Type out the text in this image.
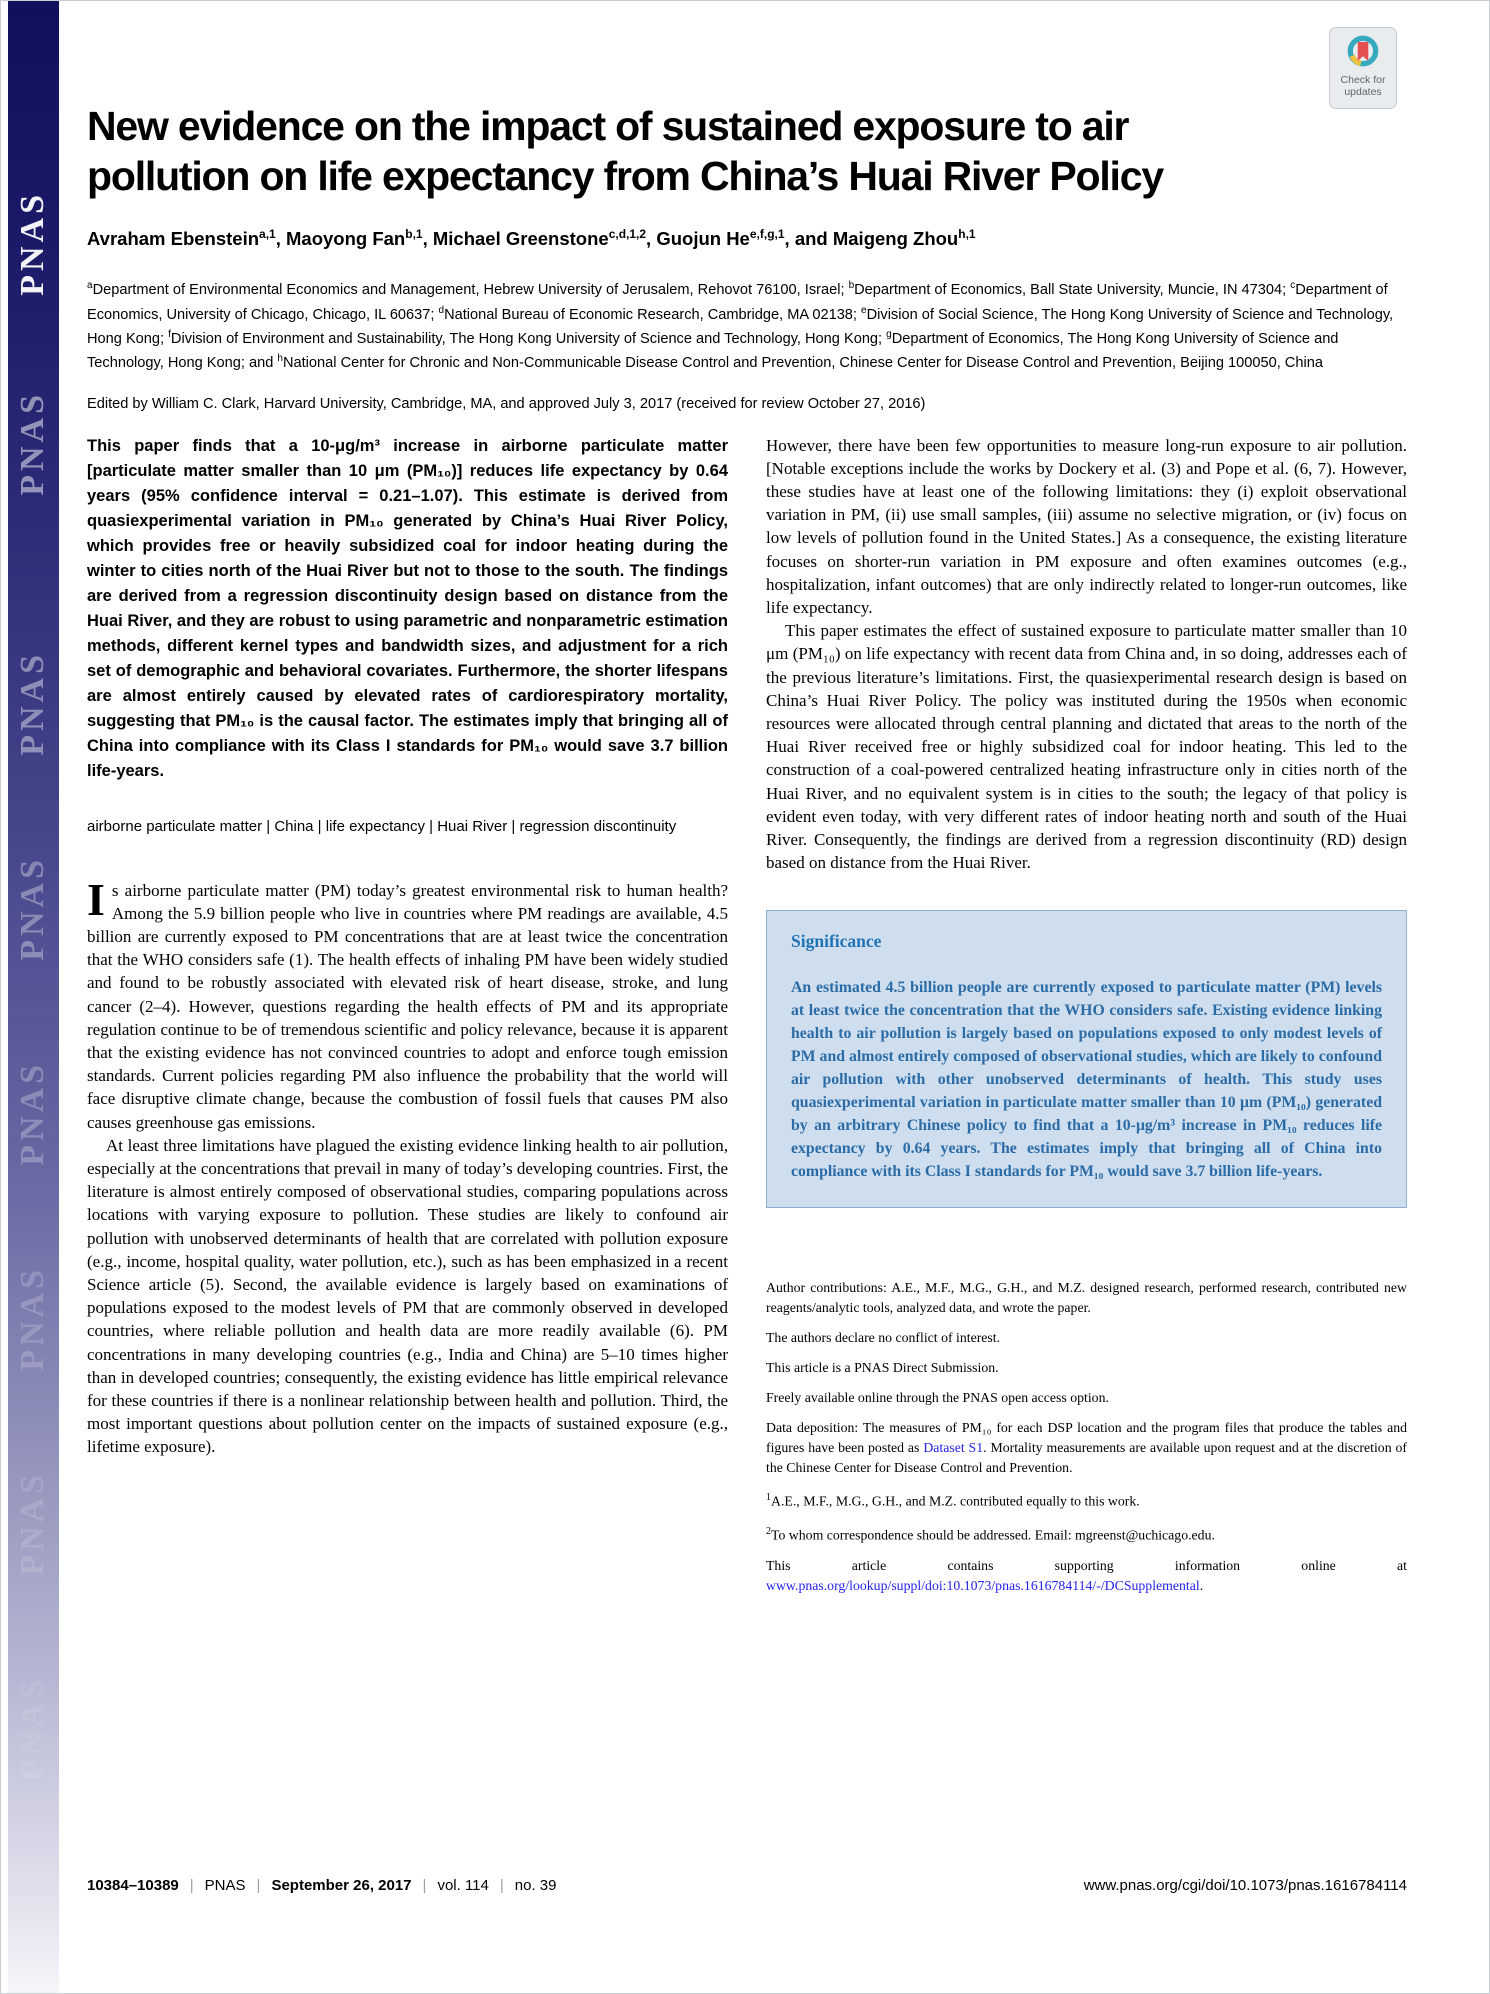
PNAS
PNAS
PNAS
PNAS
PNAS
PNAS
PNAS
PNAS
Check for
updates
New evidence on the impact of sustained exposure to air pollution on life expectancy from China’s Huai River Policy
Avraham Ebenstein$^{a,1}$, Maoyong Fan$^{b,1}$, Michael Greenstone$^{c,d,1,2}$, Guojun He$^{e,f,g,1}$, and Maigeng Zhou$^{h,1}$
$^a$Department of Environmental Economics and Management, Hebrew University of Jerusalem, Rehovot 76100, Israel; $^b$Department of Economics, Ball State University, Muncie, IN 47304; $^c$Department of Economics, University of Chicago, Chicago, IL 60637; $^d$National Bureau of Economic Research, Cambridge, MA 02138; $^e$Division of Social Science, The Hong Kong University of Science and Technology, Hong Kong; $^f$Division of Environment and Sustainability, The Hong Kong University of Science and Technology, Hong Kong; $^g$Department of Economics, The Hong Kong University of Science and Technology, Hong Kong; and $^h$National Center for Chronic and Non-Communicable Disease Control and Prevention, Chinese Center for Disease Control and Prevention, Beijing 100050, China
Edited by William C. Clark, Harvard University, Cambridge, MA, and approved July 3, 2017 (received for review October 27, 2016)
This paper finds that a 10-μg/m³ increase in airborne particulate matter [particulate matter smaller than 10 μm (PM₁₀)] reduces life expectancy by 0.64 years (95% confidence interval = 0.21–1.07). This estimate is derived from quasiexperimental variation in PM₁₀ generated by China’s Huai River Policy, which provides free or heavily subsidized coal for indoor heating during the winter to cities north of the Huai River but not to those to the south. The findings are derived from a regression discontinuity design based on distance from the Huai River, and they are robust to using parametric and nonparametric estimation methods, different kernel types and bandwidth sizes, and adjustment for a rich set of demographic and behavioral covariates. Furthermore, the shorter lifespans are almost entirely caused by elevated rates of cardiorespiratory mortality, suggesting that PM₁₀ is the causal factor. The estimates imply that bringing all of China into compliance with its Class I standards for PM₁₀ would save 3.7 billion life-years.
airborne particulate matter | China | life expectancy | Huai River | regression discontinuity

Is airborne particulate matter (PM) today’s greatest environmental risk to human health? Among the 5.9 billion people who live in countries where PM readings are available, 4.5 billion are currently exposed to PM concentrations that are at least twice the concentration that the WHO considers safe (1). The health effects of inhaling PM have been widely studied and found to be robustly associated with elevated risk of heart disease, stroke, and lung cancer (2–4). However, questions regarding the health effects of PM and its appropriate regulation continue to be of tremendous scientific and policy relevance, because it is apparent that the existing evidence has not convinced countries to adopt and enforce tough emission standards. Current policies regarding PM also influence the probability that the world will face disruptive climate change, because the combustion of fossil fuels that causes PM also causes greenhouse gas emissions.

At least three limitations have plagued the existing evidence linking health to air pollution, especially at the concentrations that prevail in many of today’s developing countries. First, the literature is almost entirely composed of observational studies, comparing populations across locations with varying exposure to pollution. These studies are likely to confound air pollution with unobserved determinants of health that are correlated with pollution exposure (e.g., income, hospital quality, water pollution, etc.), such as has been emphasized in a recent Science article (5). Second, the available evidence is largely based on examinations of populations exposed to the modest levels of PM that are commonly observed in developed countries, where reliable pollution and health data are more readily available (6). PM concentrations in many developing countries (e.g., India and China) are 5–10 times higher than in developed countries; consequently, the existing evidence has little empirical relevance for these countries if there is a nonlinear relationship between health and pollution. Third, the most important questions about pollution center on the impacts of sustained exposure (e.g., lifetime exposure).

However, there have been few opportunities to measure long-run exposure to air pollution. [Notable exceptions include the works by Dockery et al. (3) and Pope et al. (6, 7). However, these studies have at least one of the following limitations: they (i) exploit observational variation in PM, (ii) use small samples, (iii) assume no selective migration, or (iv) focus on low levels of pollution found in the United States.] As a consequence, the existing literature focuses on shorter-run variation in PM exposure and often examines outcomes (e.g., hospitalization, infant outcomes) that are only indirectly related to longer-run outcomes, like life expectancy.

This paper estimates the effect of sustained exposure to particulate matter smaller than 10 μm (PM₁₀) on life expectancy with recent data from China and, in so doing, addresses each of the previous literature’s limitations. First, the quasiexperimental research design is based on China’s Huai River Policy. The policy was instituted during the 1950s when economic resources were allocated through central planning and dictated that areas to the north of the Huai River received free or highly subsidized coal for indoor heating. This led to the construction of a coal-powered centralized heating infrastructure only in cities north of the Huai River, and no equivalent system is in cities to the south; the legacy of that policy is evident even today, with very different rates of indoor heating north and south of the Huai River. Consequently, the findings are derived from a regression discontinuity (RD) design based on distance from the Huai River.

Significance

An estimated 4.5 billion people are currently exposed to particulate matter (PM) levels at least twice the concentration that the WHO considers safe. Existing evidence linking health to air pollution is largely based on populations exposed to only modest levels of PM and almost entirely composed of observational studies, which are likely to confound air pollution with other unobserved determinants of health. This study uses quasiexperimental variation in particulate matter smaller than 10 μm (PM₁₀) generated by an arbitrary Chinese policy to find that a 10-μg/m³ increase in PM₁₀ reduces life expectancy by 0.64 years. The estimates imply that bringing all of China into compliance with its Class I standards for PM₁₀ would save 3.7 billion life-years.

Author contributions: A.E., M.F., M.G., G.H., and M.Z. designed research, performed research, contributed new reagents/analytic tools, analyzed data, and wrote the paper.

The authors declare no conflict of interest.

This article is a PNAS Direct Submission.

Freely available online through the PNAS open access option.

Data deposition: The measures of PM₁₀ for each DSP location and the program files that produce the tables and figures have been posted as Dataset S1. Mortality measurements are available upon request and at the discretion of the Chinese Center for Disease Control and Prevention.

$^1$A.E., M.F., M.G., G.H., and M.Z. contributed equally to this work.

$^2$To whom correspondence should be addressed. Email: mgreenst@uchicago.edu.

This article contains supporting information online at www.pnas.org/lookup/suppl/doi:10.1073/pnas.1616784114/-/DCSupplemental.

10384–10389 | PNAS | September 26, 2017 | vol. 114 | no. 39	www.pnas.org/cgi/doi/10.1073/pnas.1616784114
